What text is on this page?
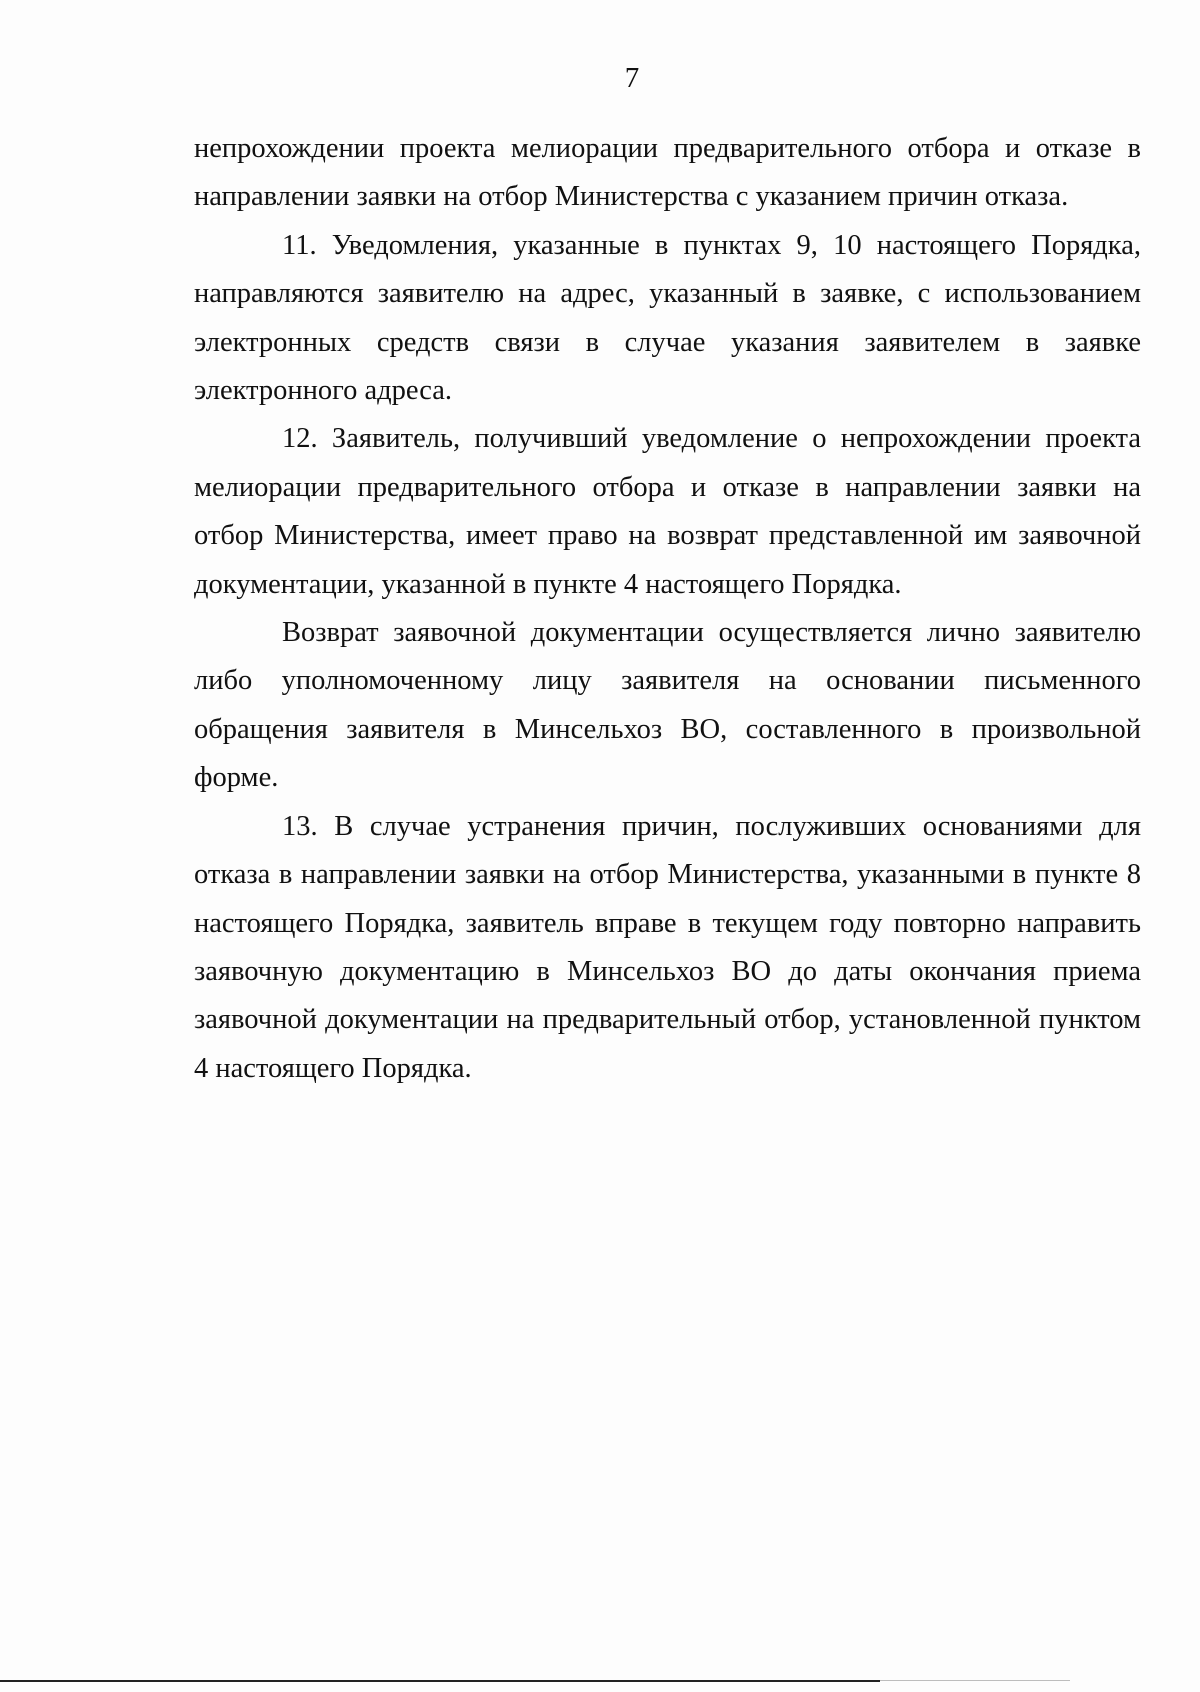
7

непрохождении проекта мелиорации предварительного отбора и отказе в направлении заявки на отбор Министерства с указанием причин отказа.

11. Уведомления, указанные в пунктах 9, 10 настоящего Порядка, направляются заявителю на адрес, указанный в заявке, с использованием электронных средств связи в случае указания заявителем в заявке электронного адреса.

12. Заявитель, получивший уведомление о непрохождении проекта мелиорации предварительного отбора и отказе в направлении заявки на отбор Министерства, имеет право на возврат представленной им заявочной документации, указанной в пункте 4 настоящего Порядка.

Возврат заявочной документации осуществляется лично заявителю либо уполномоченному лицу заявителя на основании письменного обращения заявителя в Минсельхоз ВО, составленного в произвольной форме.

13. В случае устранения причин, послуживших основаниями для отказа в направлении заявки на отбор Министерства, указанными в пункте 8 настоящего Порядка, заявитель вправе в текущем году повторно направить заявочную документацию в Минсельхоз ВО до даты окончания приема заявочной документации на предварительный отбор, установленной пунктом 4 настоящего Порядка.
